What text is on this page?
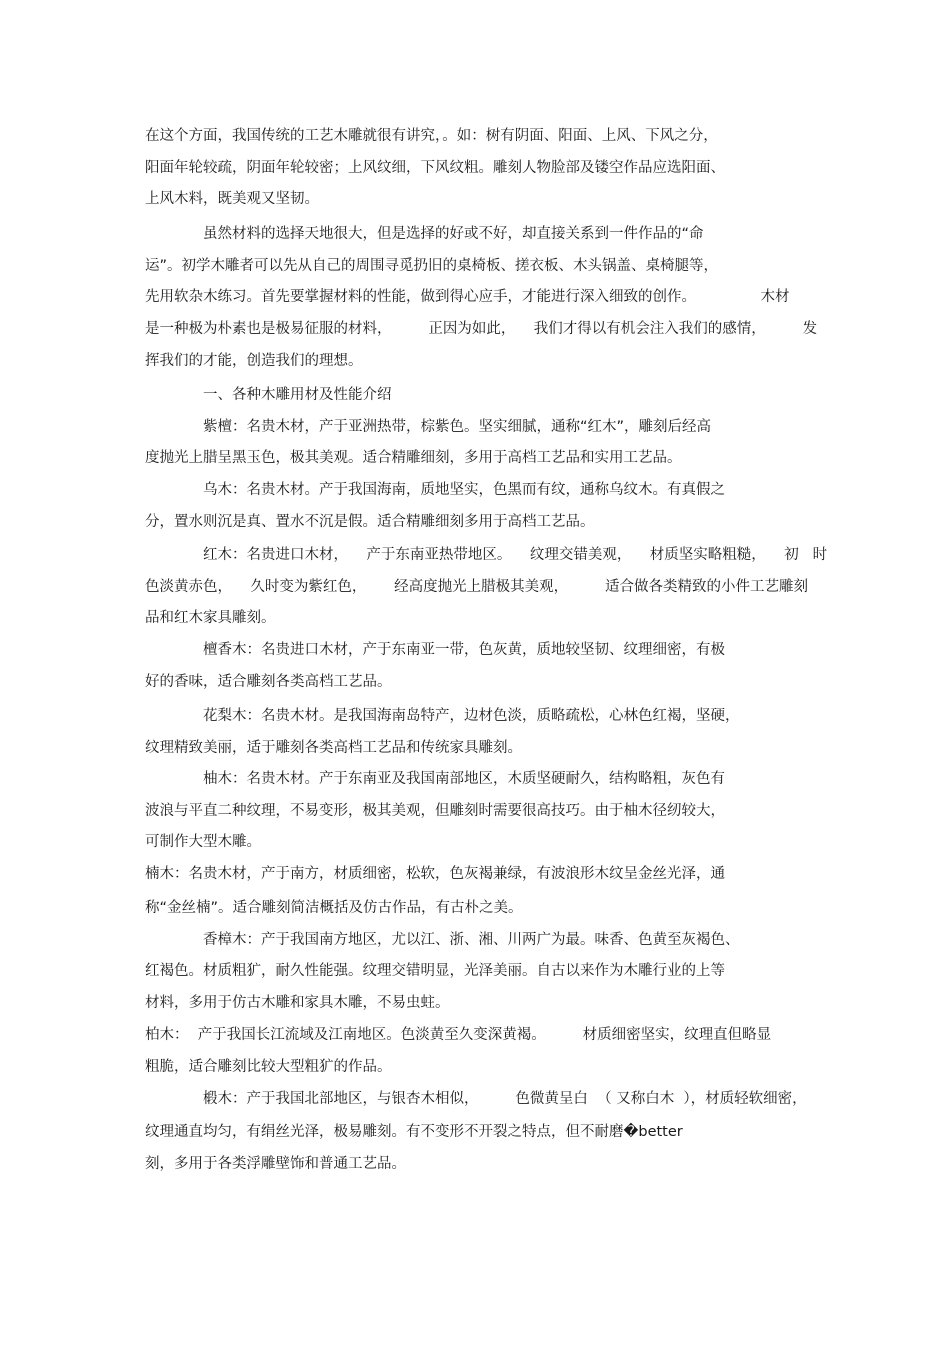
在这个方面，我国传统的工艺木雕就很有讲究，。如：树有阴面、阳面、上风、下风之分，

阳面年轮较疏，阴面年轮较密；上风纹细，下风纹粗。雕刻人物脸部及镂空作品应选阳面、

上风木料，既美观又坚韧。

虽然材料的选择天地很大，但是选择的好或不好，却直接关系到一件作品的“命

运”。初学木雕者可以先从自己的周围寻觅扔旧的桌椅板、搓衣板、木头锅盖、桌椅腿等，

先用软杂木练习。首先要掌握材料的性能，做到得心应手，才能进行深入细致的创作。              木材

是一种极为朴素也是极易征服的材料，        正因为如此，    我们才得以有机会注入我们的感情，        发

挥我们的才能，创造我们的理想。

一、各种木雕用材及性能介绍

紫檀：名贵木材，产于亚洲热带，棕紫色。坚实细腻，通称“红木”，雕刻后经高

度抛光上腊呈黑玉色，极其美观。适合精雕细刻，多用于高档工艺品和实用工艺品。

乌木：名贵木材。产于我国海南，质地坚实，色黑而有纹，通称乌纹木。有真假之

分，置水则沉是真、置水不沉是假。适合精雕细刻多用于高档工艺品。

红木：名贵进口木材，    产于东南亚热带地区。    纹理交错美观，    材质坚实略粗糙，    初   时

色淡黄赤色，    久时变为紫红色，      经高度抛光上腊极其美观，        适合做各类精致的小件工艺雕刻

品和红木家具雕刻。

檀香木：名贵进口木材，产于东南亚一带，色灰黄，质地较坚韧、纹理细密，有极

好的香味，适合雕刻各类高档工艺品。

花梨木：名贵木材。是我国海南岛特产，边材色淡，质略疏松，心林色红褐，坚硬，

纹理精致美丽，适于雕刻各类高档工艺品和传统家具雕刻。

柚木：名贵木材。产于东南亚及我国南部地区，木质坚硬耐久，结构略粗，灰色有

波浪与平直二种纹理，不易变形，极其美观，但雕刻时需要很高技巧。由于柚木径纫较大，

可制作大型木雕。

楠木：名贵木材，产于南方，材质细密，松软，色灰褐兼绿，有波浪形木纹呈金丝光泽，通

称“金丝楠”。适合雕刻简洁概括及仿古作品，有古朴之美。

香樟木：产于我国南方地区，尤以江、浙、湘、川两广为最。味香、色黄至灰褐色、

红褐色。材质粗犷，耐久性能强。纹理交错明显，光泽美丽。自古以来作为木雕行业的上等

材料，多用于仿古木雕和家具木雕，不易虫蛀。

柏木：  产于我国长江流域及江南地区。色淡黄至久变深黄褐。        材质细密坚实，纹理直但略显

粗脆，适合雕刻比较大型粗犷的作品。

椴木：产于我国北部地区，与银杏木相似，        色微黄呈白  （ 又称白木  ），材质轻软细密，

纹理通直均匀，有绢丝光泽，极易雕刻。有不变形不开裂之特点，但不耐磨�better

刻，多用于各类浮雕壁饰和普通工艺品。
